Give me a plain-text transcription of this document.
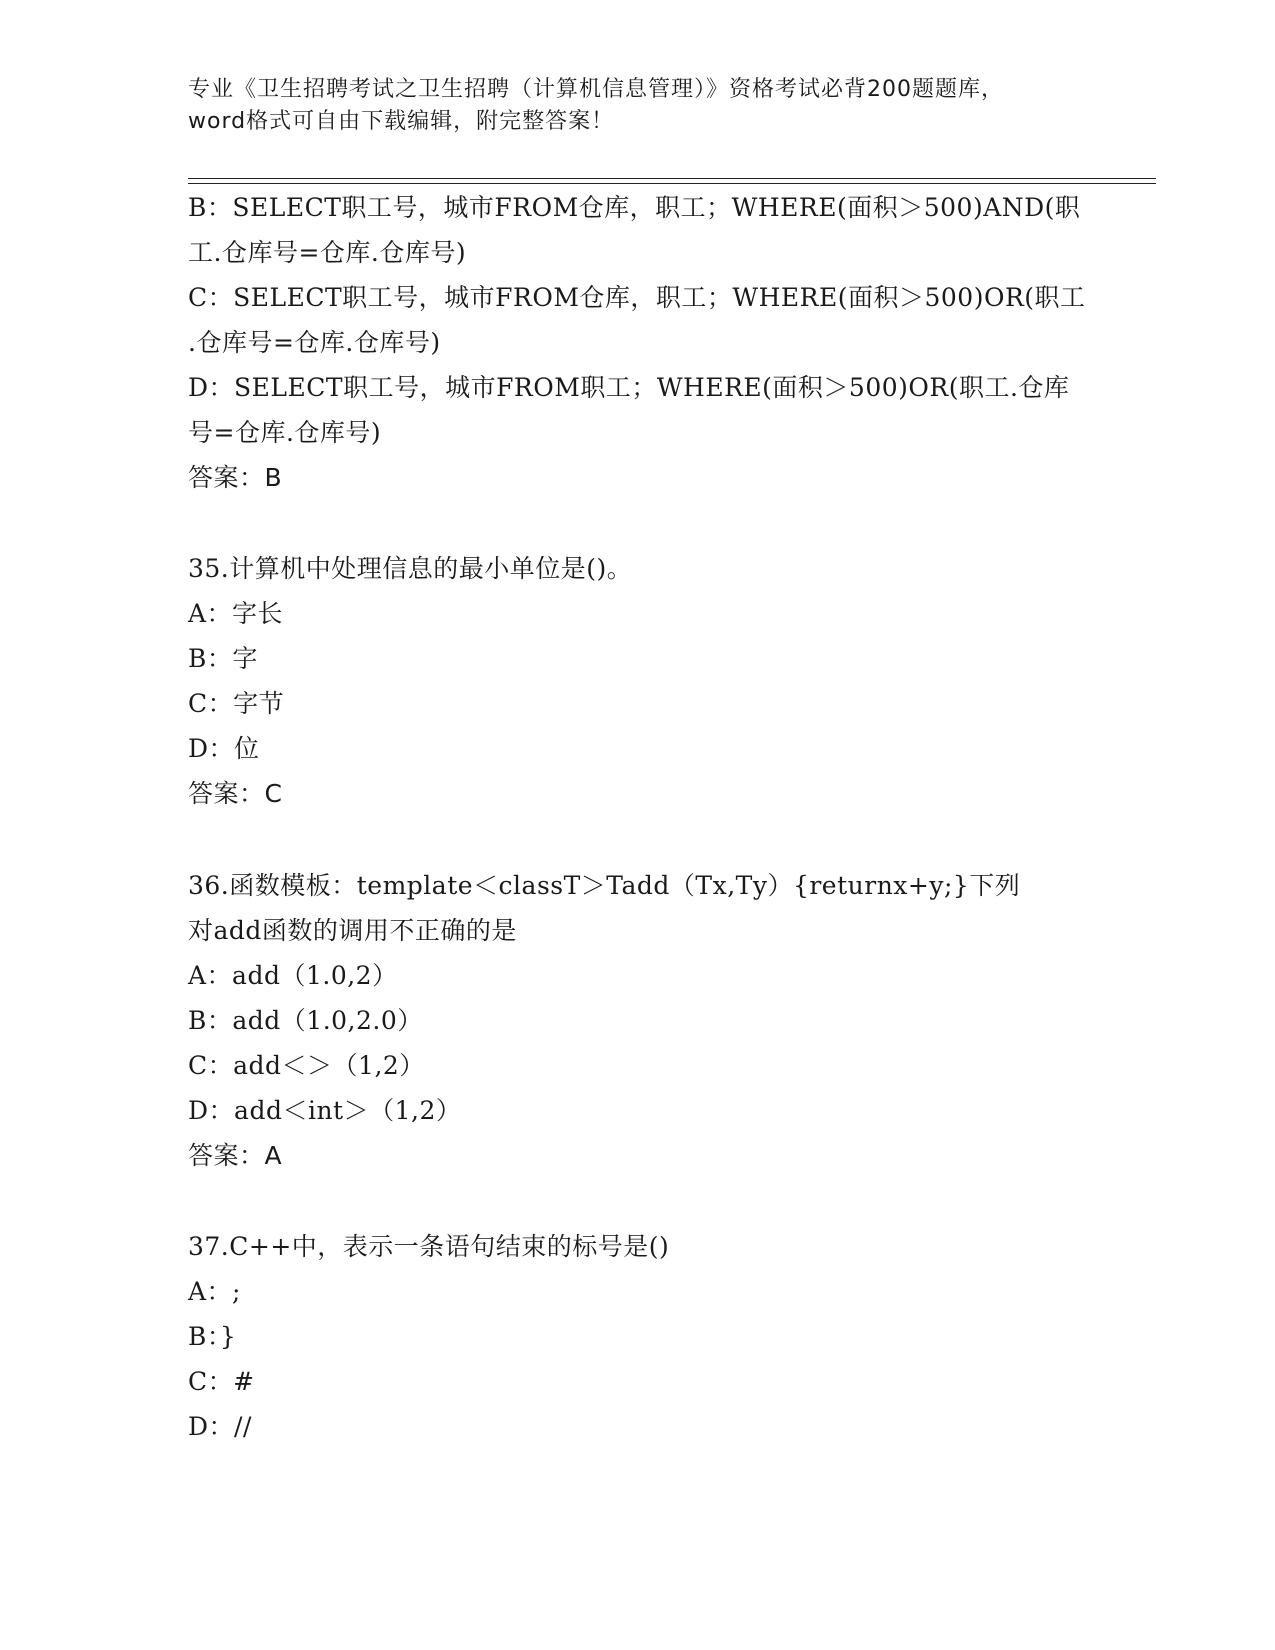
专业《卫生招聘考试之卫生招聘（计算机信息管理）》资格考试必背200题题库，
word格式可自由下载编辑，附完整答案！
B：SELECT职工号，城市FROM仓库，职工；WHERE(面积＞500)AND(职
工.仓库号=仓库.仓库号)
C：SELECT职工号，城市FROM仓库，职工；WHERE(面积＞500)OR(职工
.仓库号=仓库.仓库号)
D：SELECT职工号，城市FROM职工；WHERE(面积＞500)OR(职工.仓库
号=仓库.仓库号)
答案：B
35.计算机中处理信息的最小单位是()。
A：字长
B：字
C：字节
D：位
答案：C
36.函数模板：template＜classT＞Tadd（Tx,Ty）{returnx+y;}下列
对add函数的调用不正确的是
A：add（1.0,2）
B：add（1.0,2.0）
C：add＜＞（1,2）
D：add＜int＞（1,2）
答案：A
37.C++中，表示一条语句结束的标号是()
A：;
B：}
C：#
D：//
